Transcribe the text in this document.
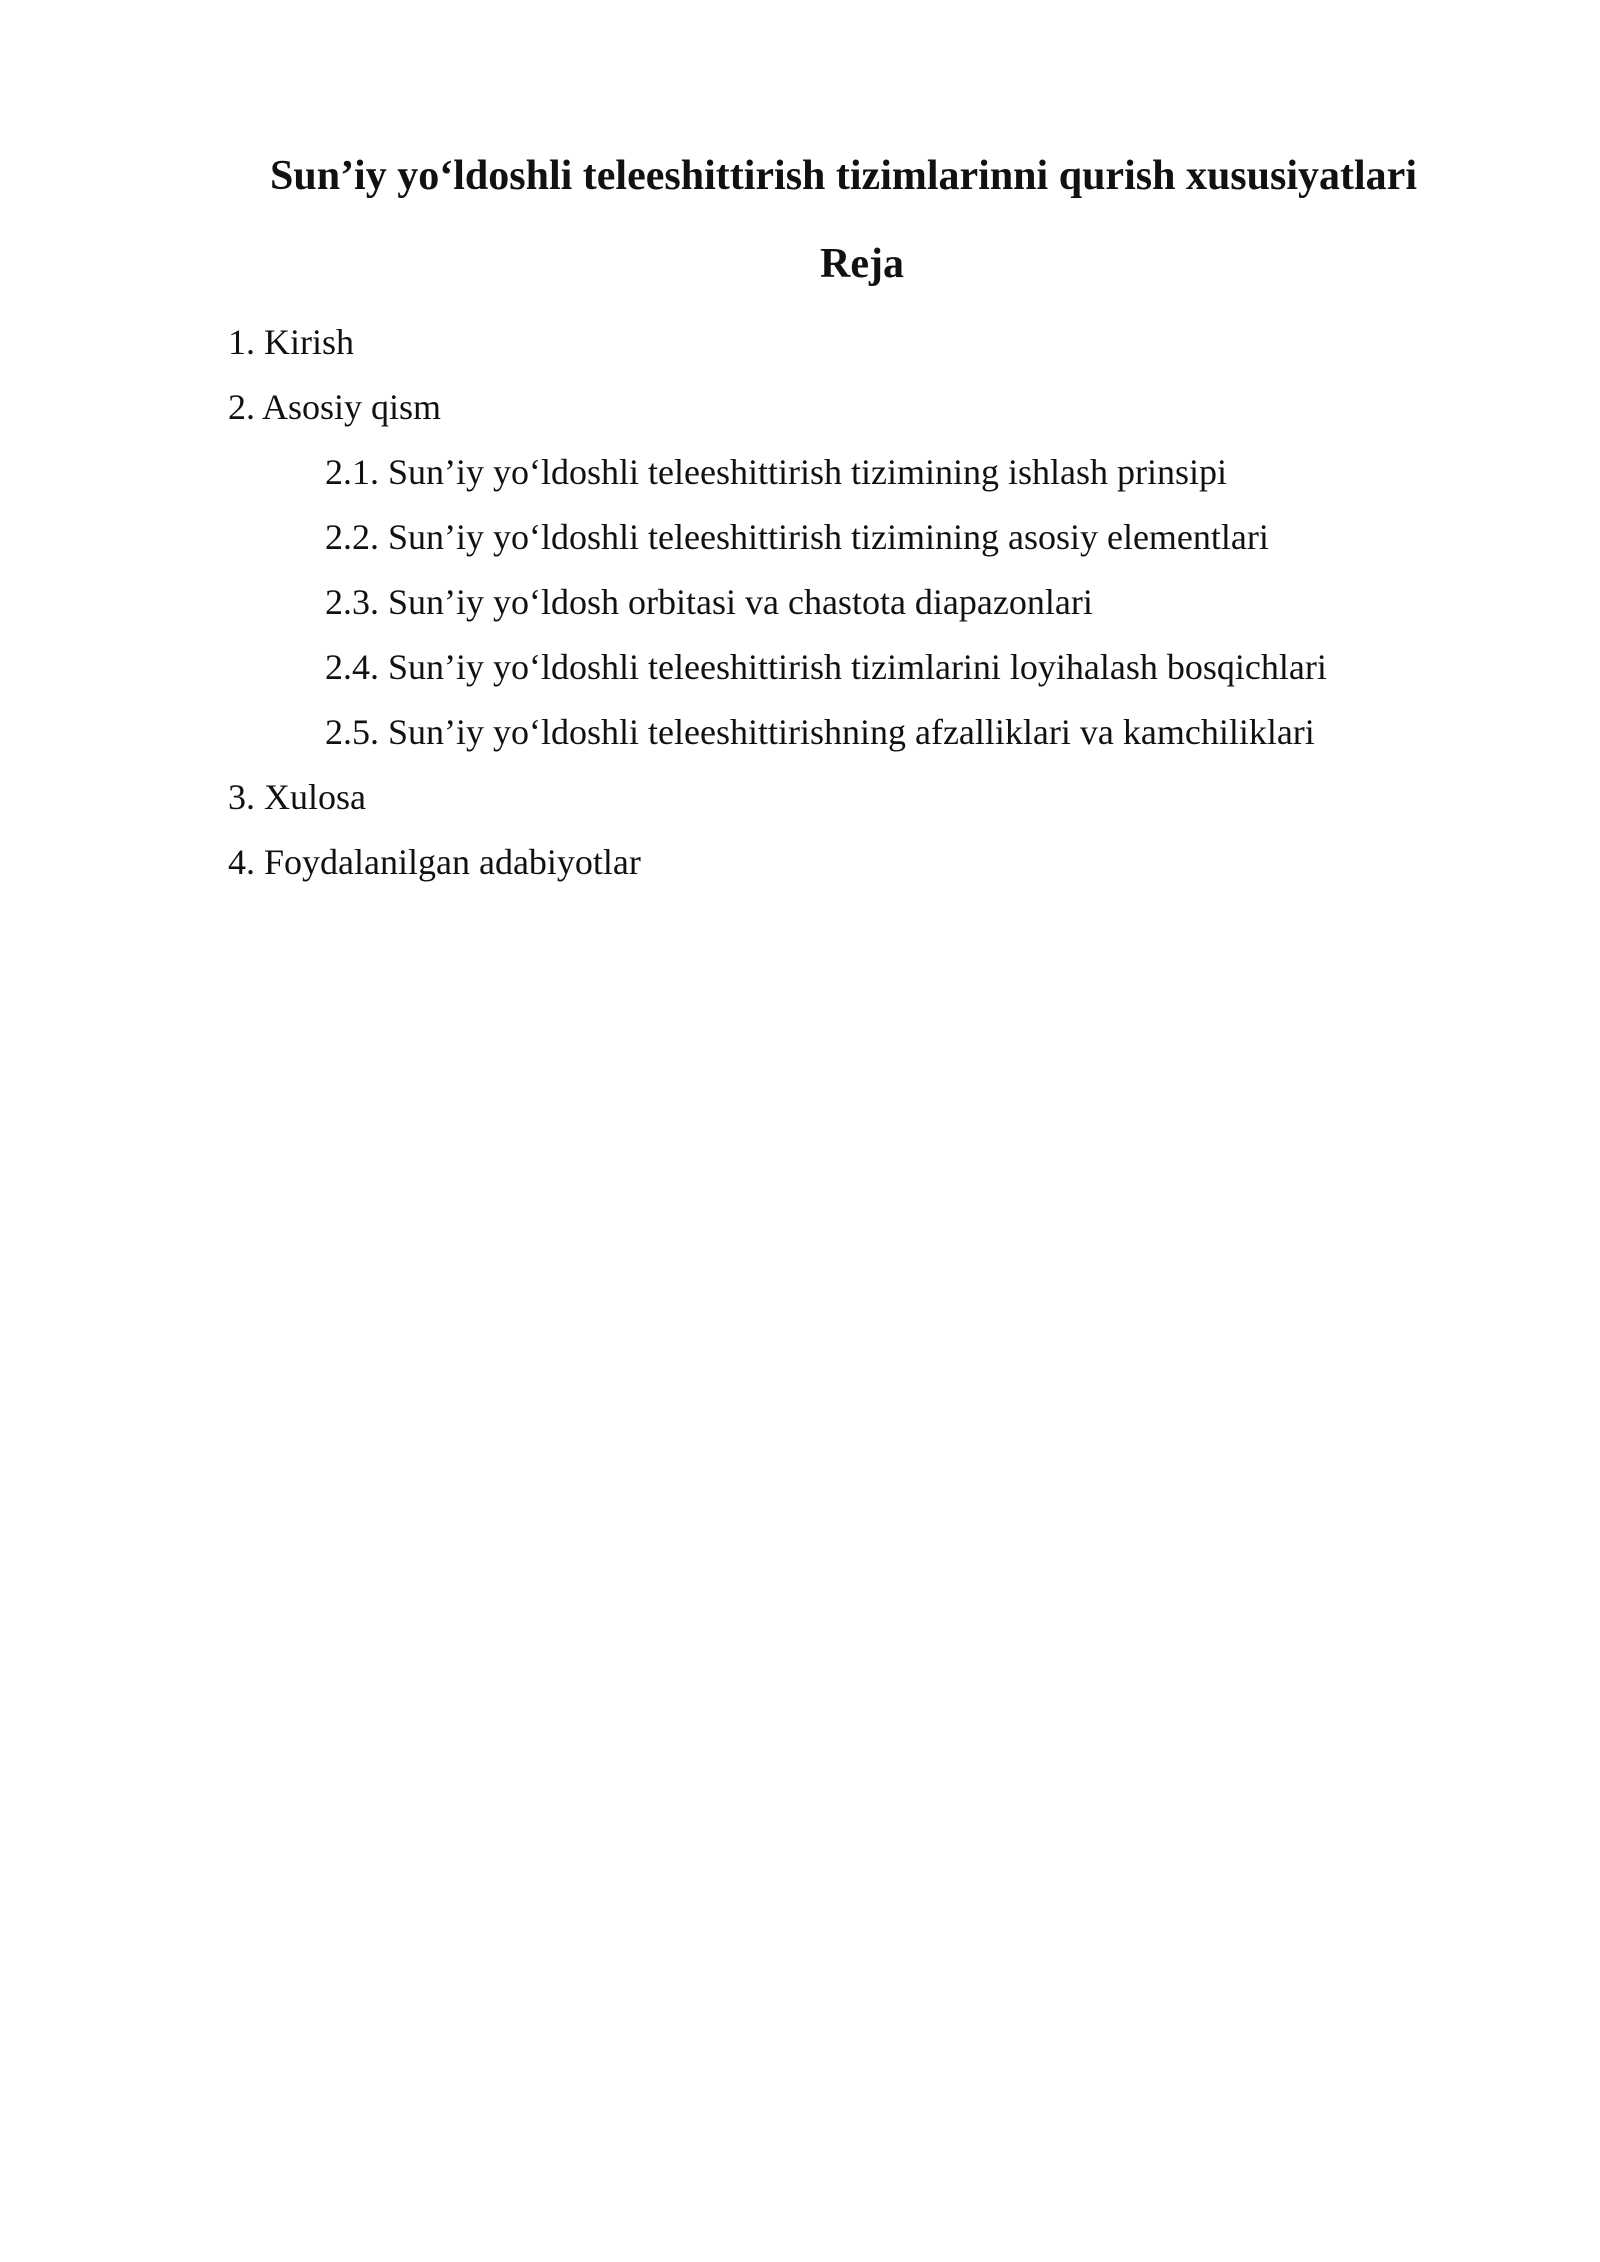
Sun’iy yo‘ldoshli teleeshittirish tizimlarinni qurish xususiyatlari
Reja
1. Kirish
2. Asosiy qism
2.1. Sun’iy yo‘ldoshli teleeshittirish tizimining ishlash prinsipi
2.2. Sun’iy yo‘ldoshli teleeshittirish tizimining asosiy elementlari
2.3. Sun’iy yo‘ldosh orbitasi va chastota diapazonlari
2.4. Sun’iy yo‘ldoshli teleeshittirish tizimlarini loyihalash bosqichlari
2.5. Sun’iy yo‘ldoshli teleeshittirishning afzalliklari va kamchiliklari
3. Xulosa
4. Foydalanilgan adabiyotlar
